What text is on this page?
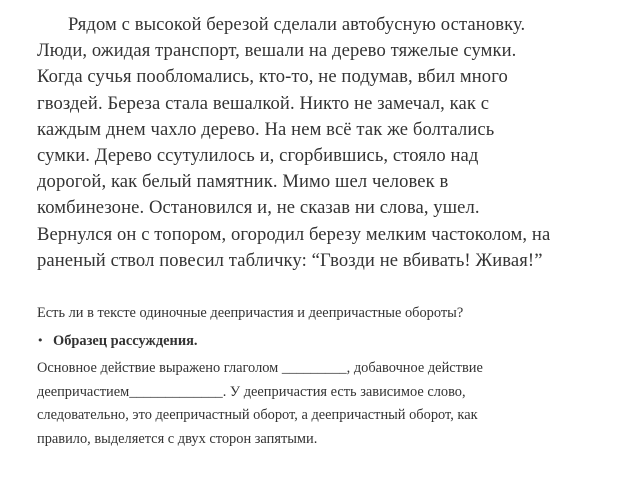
Рядом с высокой березой сделали автобусную остановку.
Люди, ожидая транспорт, вешали на дерево тяжелые сумки.
Когда сучья пообломались, кто-то, не подумав, вбил много
гвоздей. Береза стала вешалкой. Никто не замечал, как с
каждым днем чахло дерево. На нем всё так же болтались
сумки. Дерево ссутулилось и, сгорбившись, стояло над
дорогой, как белый памятник. Мимо шел человек в
комбинезоне. Остановился и, не сказав ни слова, ушел.
Вернулся он с топором, огородил березу мелким частоколом, на
раненый ствол повесил табличку: “Гвозди не вбивать! Живая!”
Есть ли в тексте одиночные деепричастия и деепричастные обороты?
• Образец рассуждения.
Основное действие выражено глаголом _________, добавочное действие
деепричастием_____________. У деепричастия есть зависимое слово,
следовательно, это деепричастный оборот, а деепричастный оборот, как
правило, выделяется с двух сторон запятыми.
